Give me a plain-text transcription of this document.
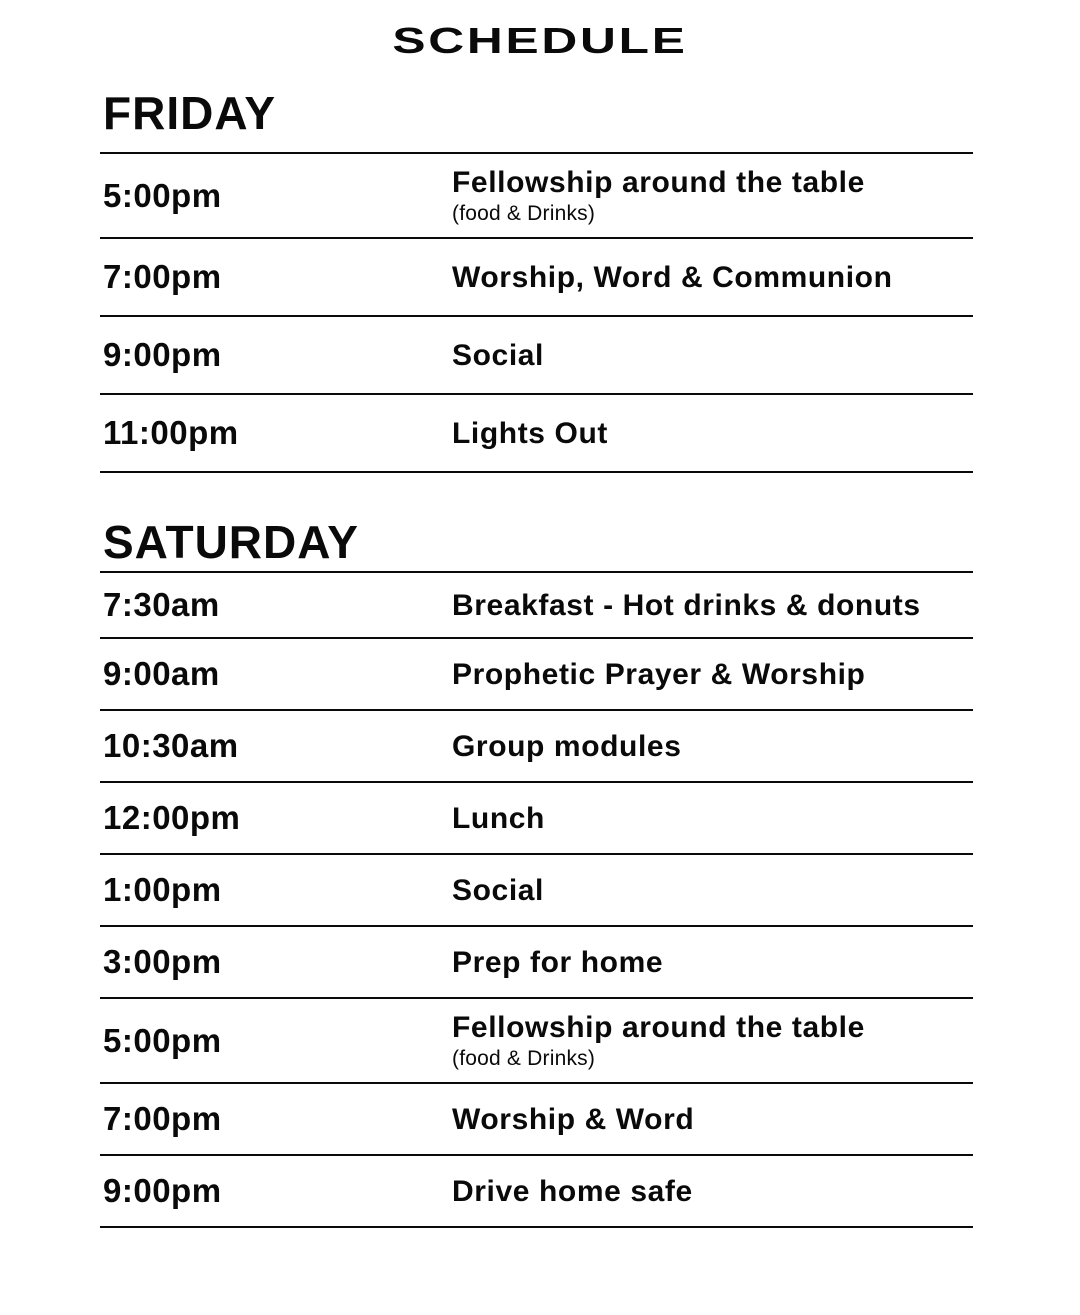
SCHEDULE
FRIDAY
5:00pm	Fellowship around the table
(food & Drinks)
7:00pm	Worship, Word & Communion
9:00pm	Social
11:00pm	Lights Out
SATURDAY
7:30am	Breakfast - Hot drinks & donuts
9:00am	Prophetic Prayer & Worship
10:30am	Group modules
12:00pm	Lunch
1:00pm	Social
3:00pm	Prep for home
5:00pm	Fellowship around the table
(food & Drinks)
7:00pm	Worship & Word
9:00pm	Drive home safe
